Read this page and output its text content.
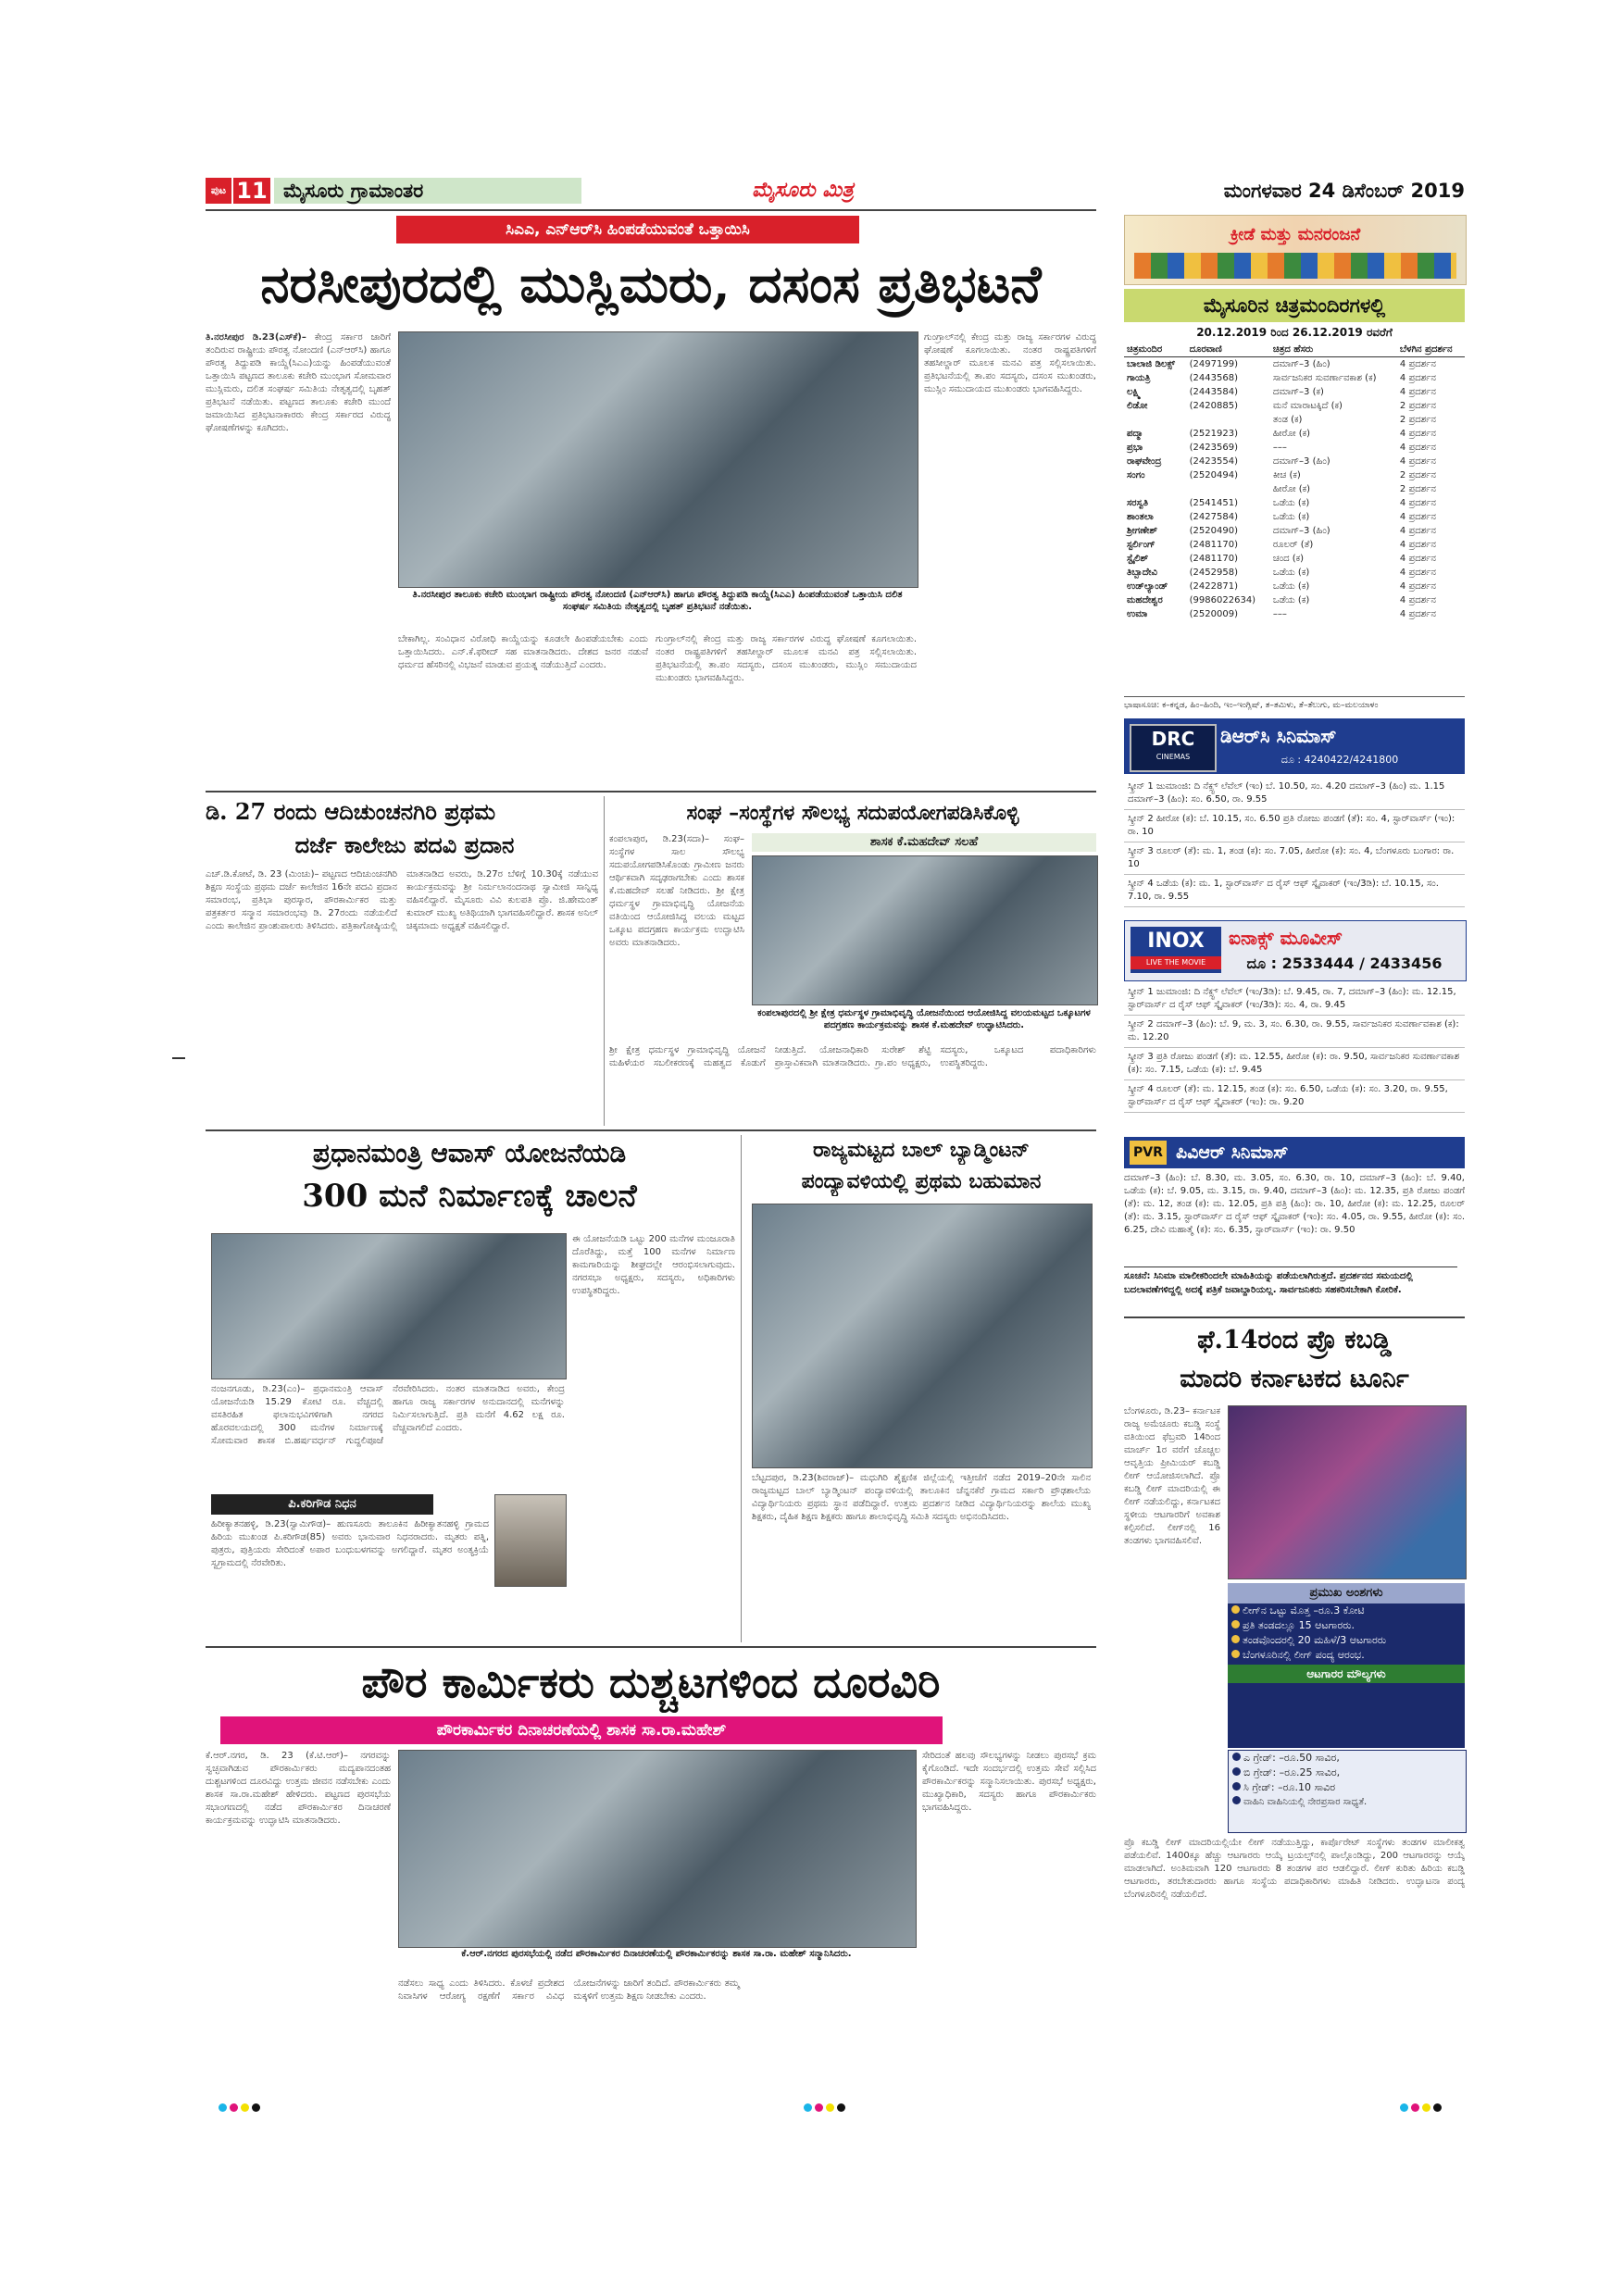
ಪುಟ 11 ಮೈಸೂರು ಗ್ರಾಮಾಂತರ	ಮೈಸೂರು ಮಿತ್ರ	ಮಂಗಳವಾರ 24 ಡಿಸೆಂಬರ್ 2019
ಸಿಎಎ, ಎನ್‌ಆರ್‌ಸಿ ಹಿಂಪಡೆಯುವಂತೆ ಒತ್ತಾಯಿಸಿ
ನರಸೀಪುರದಲ್ಲಿ ಮುಸ್ಲಿಮರು, ದಸಂಸ ಪ್ರತಿಭಟನೆ

ತಿ.ನರಸೀಪುರ ಡಿ.23(ಎಸ್‌ಕೆ)– ಕೇಂದ್ರ ಸರ್ಕಾರ ಜಾರಿಗೆ ತಂದಿರುವ ರಾಷ್ಟ್ರೀಯ ಪೌರತ್ವ ನೋಂದಣಿ (ಎನ್‌ಆರ್‌ಸಿ) ಹಾಗೂ ಪೌರತ್ವ ತಿದ್ದುಪಡಿ ಕಾಯ್ದೆ(ಸಿಎಎ)ಯನ್ನು ಹಿಂಪಡೆಯುವಂತೆ ಒತ್ತಾಯಿಸಿ ಪಟ್ಟಣದ ತಾಲೂಕು ಕಚೇರಿ ಮುಂಭಾಗ ಸೋಮವಾರ ಮುಸ್ಲಿಮರು, ದಲಿತ ಸಂಘರ್ಷ ಸಮಿತಿಯ ನೇತೃತ್ವದಲ್ಲಿ ಬೃಹತ್ ಪ್ರತಿಭಟನೆ ನಡೆಯಿತು. ಪಟ್ಟಣದ ತಾಲೂಕು ಕಚೇರಿ ಮುಂದೆ ಜಮಾಯಿಸಿದ ಪ್ರತಿಭಟನಾಕಾರರು ಕೇಂದ್ರ ಸರ್ಕಾರದ ವಿರುದ್ಧ ಘೋಷಣೆಗಳನ್ನು ಕೂಗಿದರು.

ತಿ.ನರಸೀಪುರ ತಾಲೂಕು ಕಚೇರಿ ಮುಂಭಾಗ ರಾಷ್ಟ್ರೀಯ ಪೌರತ್ವ ನೋಂದಣಿ (ಎನ್‌ಆರ್‌ಸಿ) ಹಾಗೂ ಪೌರತ್ವ ತಿದ್ದುಪಡಿ ಕಾಯ್ದೆ(ಸಿಎಎ) ಹಿಂಪಡೆಯುವಂತೆ ಒತ್ತಾಯಿಸಿ ದಲಿತ ಸಂಘರ್ಷ ಸಮಿತಿಯ ನೇತೃತ್ವದಲ್ಲಿ ಬೃಹತ್ ಪ್ರತಿಭಟನೆ ನಡೆಯಿತು.
ಬೇಕಾಗಿಲ್ಲ. ಸಂವಿಧಾನ ವಿರೋಧಿ ಕಾಯ್ದೆಯನ್ನು ಕೂಡಲೇ ಹಿಂಪಡೆಯಬೇಕು ಎಂದು ಒತ್ತಾಯಿಸಿದರು. ಎನ್.ಕೆ.ಫರೀದ್ ಸಹ ಮಾತನಾಡಿದರು. ದೇಶದ ಜನರ ನಡುವೆ ಧರ್ಮದ ಹೆಸರಿನಲ್ಲಿ ವಿಭಜನೆ ಮಾಡುವ ಪ್ರಯತ್ನ ನಡೆಯುತ್ತಿದೆ ಎಂದರು.
ಗುಂಗ್ರಾಲ್‌ನಲ್ಲಿ ಕೇಂದ್ರ ಮತ್ತು ರಾಜ್ಯ ಸರ್ಕಾರಗಳ ವಿರುದ್ಧ ಘೋಷಣೆ ಕೂಗಲಾಯಿತು. ನಂತರ ರಾಷ್ಟ್ರಪತಿಗಳಿಗೆ ತಹಸೀಲ್ದಾರ್ ಮೂಲಕ ಮನವಿ ಪತ್ರ ಸಲ್ಲಿಸಲಾಯಿತು. ಪ್ರತಿಭಟನೆಯಲ್ಲಿ ತಾ.ಪಂ ಸದಸ್ಯರು, ದಸಂಸ ಮುಖಂಡರು, ಮುಸ್ಲಿಂ ಸಮುದಾಯದ ಮುಖಂಡರು ಭಾಗವಹಿಸಿದ್ದರು.
ಗುಂಗ್ರಾಲ್‌ನಲ್ಲಿ ಕೇಂದ್ರ ಮತ್ತು ರಾಜ್ಯ ಸರ್ಕಾರಗಳ ವಿರುದ್ಧ ಘೋಷಣೆ ಕೂಗಲಾಯಿತು. ನಂತರ ರಾಷ್ಟ್ರಪತಿಗಳಿಗೆ ತಹಸೀಲ್ದಾರ್ ಮೂಲಕ ಮನವಿ ಪತ್ರ ಸಲ್ಲಿಸಲಾಯಿತು. ಪ್ರತಿಭಟನೆಯಲ್ಲಿ ತಾ.ಪಂ ಸದಸ್ಯರು, ದಸಂಸ ಮುಖಂಡರು, ಮುಸ್ಲಿಂ ಸಮುದಾಯದ ಮುಖಂಡರು ಭಾಗವಹಿಸಿದ್ದರು.
ಡಿ. 27 ರಂದು ಆದಿಚುಂಚನಗಿರಿ ಪ್ರಥಮ
ದರ್ಜೆ ಕಾಲೇಜು ಪದವಿ ಪ್ರದಾನ
ಎಚ್.ಡಿ.ಕೋಟೆ, ಡಿ. 23 (ಮಿಂಚು)– ಪಟ್ಟಣದ ಆದಿಚುಂಚನಗಿರಿ ಶಿಕ್ಷಣ ಸಂಸ್ಥೆಯ ಪ್ರಥಮ ದರ್ಜೆ ಕಾಲೇಜಿನ 16ನೇ ಪದವಿ ಪ್ರದಾನ ಸಮಾರಂಭ, ಪ್ರತಿಭಾ ಪುರಸ್ಕಾರ, ಪೌರಕಾರ್ಮಿಕರ ಮತ್ತು ಪತ್ರಕರ್ತರ ಸನ್ಮಾನ ಸಮಾರಂಭವು ಡಿ. 27ರಂದು ನಡೆಯಲಿದೆ ಎಂದು ಕಾಲೇಜಿನ ಪ್ರಾಂಶುಪಾಲರು ತಿಳಿಸಿದರು. ಪತ್ರಿಕಾಗೋಷ್ಠಿಯಲ್ಲಿ ಮಾತನಾಡಿದ ಅವರು, ಡಿ.27ರ ಬೆಳಿಗ್ಗೆ 10.30ಕ್ಕೆ ನಡೆಯುವ ಕಾರ್ಯಕ್ರಮವನ್ನು ಶ್ರೀ ನಿರ್ಮಲಾನಂದನಾಥ ಸ್ವಾಮೀಜಿ ಸಾನ್ನಿಧ್ಯ ವಹಿಸಲಿದ್ದಾರೆ. ಮೈಸೂರು ವಿವಿ ಕುಲಪತಿ ಪ್ರೊ. ಜಿ.ಹೇಮಂತ್ ಕುಮಾರ್ ಮುಖ್ಯ ಅತಿಥಿಯಾಗಿ ಭಾಗವಹಿಸಲಿದ್ದಾರೆ. ಶಾಸಕ ಅನಿಲ್ ಚಿಕ್ಕಮಾದು ಅಧ್ಯಕ್ಷತೆ ವಹಿಸಲಿದ್ದಾರೆ.
ಸಂಘ –ಸಂಸ್ಥೆಗಳ ಸೌಲಭ್ಯ ಸದುಪಯೋಗಪಡಿಸಿಕೊಳ್ಳಿ
ಕಂಪಲಾಪುರ, ಡಿ.23(ಸದಾ)– ಸಂಘ–ಸಂಸ್ಥೆಗಳ ಸಾಲ ಸೌಲಭ್ಯ ಸದುಪಯೋಗಪಡಿಸಿಕೊಂಡು ಗ್ರಾಮೀಣ ಜನರು ಆರ್ಥಿಕವಾಗಿ ಸದೃಢರಾಗಬೇಕು ಎಂದು ಶಾಸಕ ಕೆ.ಮಹದೇವ್ ಸಲಹೆ ನೀಡಿದರು. ಶ್ರೀ ಕ್ಷೇತ್ರ ಧರ್ಮಸ್ಥಳ ಗ್ರಾಮಾಭಿವೃದ್ಧಿ ಯೋಜನೆಯ ವತಿಯಿಂದ ಆಯೋಜಿಸಿದ್ದ ವಲಯ ಮಟ್ಟದ ಒಕ್ಕೂಟ ಪದಗ್ರಹಣ ಕಾರ್ಯಕ್ರಮ ಉದ್ಘಾಟಿಸಿ ಅವರು ಮಾತನಾಡಿದರು.
ಶಾಸಕ ಕೆ.ಮಹದೇವ್ ಸಲಹೆ
ಕಂಪಲಾಪುರದಲ್ಲಿ ಶ್ರೀ ಕ್ಷೇತ್ರ ಧರ್ಮಸ್ಥಳ ಗ್ರಾಮಾಭಿವೃದ್ಧಿ ಯೋಜನೆಯಿಂದ ಆಯೋಜಿಸಿದ್ದ ವಲಯಮಟ್ಟದ ಒಕ್ಕೂಟಗಳ ಪದಗ್ರಹಣ ಕಾರ್ಯಕ್ರಮವನ್ನು ಶಾಸಕ ಕೆ.ಮಹದೇವ್ ಉದ್ಘಾಟಿಸಿದರು.
ಶ್ರೀ ಕ್ಷೇತ್ರ ಧರ್ಮಸ್ಥಳ ಗ್ರಾಮಾಭಿವೃದ್ಧಿ ಯೋಜನೆ ಮಹಿಳೆಯರ ಸಬಲೀಕರಣಕ್ಕೆ ಮಹತ್ವದ ಕೊಡುಗೆ ನೀಡುತ್ತಿದೆ. ಯೋಜನಾಧಿಕಾರಿ ಸುರೇಶ್ ಶೆಟ್ಟಿ ಪ್ರಾಸ್ತಾವಿಕವಾಗಿ ಮಾತನಾಡಿದರು. ಗ್ರಾ.ಪಂ ಅಧ್ಯಕ್ಷರು, ಸದಸ್ಯರು, ಒಕ್ಕೂಟದ ಪದಾಧಿಕಾರಿಗಳು ಉಪಸ್ಥಿತರಿದ್ದರು.
ಪ್ರಧಾನಮಂತ್ರಿ ಆವಾಸ್ ಯೋಜನೆಯಡಿ
300 ಮನೆ ನಿರ್ಮಾಣಕ್ಕೆ ಚಾಲನೆ
ನಂಜನಗೂಡು, ಡಿ.23(ಎಂ)– ಪ್ರಧಾನಮಂತ್ರಿ ಆವಾಸ್ ಯೋಜನೆಯಡಿ 15.29 ಕೋಟಿ ರೂ. ವೆಚ್ಚದಲ್ಲಿ ವಸತಿರಹಿತ ಫಲಾನುಭವಿಗಳಿಗಾಗಿ ನಗರದ ಹೊರವಲಯದಲ್ಲಿ 300 ಮನೆಗಳ ನಿರ್ಮಾಣಕ್ಕೆ ಸೋಮವಾರ ಶಾಸಕ ಬಿ.ಹರ್ಷವರ್ಧನ್ ಗುದ್ದಲಿಪೂಜೆ ನೆರವೇರಿಸಿದರು. ನಂತರ ಮಾತನಾಡಿದ ಅವರು, ಕೇಂದ್ರ ಹಾಗೂ ರಾಜ್ಯ ಸರ್ಕಾರಗಳ ಅನುದಾನದಲ್ಲಿ ಮನೆಗಳನ್ನು ನಿರ್ಮಿಸಲಾಗುತ್ತಿದೆ. ಪ್ರತಿ ಮನೆಗೆ 4.62 ಲಕ್ಷ ರೂ. ವೆಚ್ಚವಾಗಲಿದೆ ಎಂದರು.
ಈ ಯೋಜನೆಯಡಿ ಒಟ್ಟು 200 ಮನೆಗಳ ಮಂಜೂರಾತಿ ದೊರೆತಿದ್ದು, ಮತ್ತೆ 100 ಮನೆಗಳ ನಿರ್ಮಾಣ ಕಾಮಗಾರಿಯನ್ನು ಶೀಘ್ರದಲ್ಲೇ ಆರಂಭಿಸಲಾಗುವುದು. ನಗರಸಭಾ ಅಧ್ಯಕ್ಷರು, ಸದಸ್ಯರು, ಅಧಿಕಾರಿಗಳು ಉಪಸ್ಥಿತರಿದ್ದರು.
ಪಿ.ಕರಿಗೌಡ ನಿಧನ
ಹಿರೀಕ್ಯಾತನಹಳ್ಳಿ, ಡಿ.23(ಸ್ವಾಮಿಗೌಡ)– ಹುಣಸೂರು ತಾಲೂಕಿನ ಹಿರೀಕ್ಯಾತನಹಳ್ಳಿ ಗ್ರಾಮದ ಹಿರಿಯ ಮುಖಂಡ ಪಿ.ಕರಿಗೌಡ(85) ಅವರು ಭಾನುವಾರ ನಿಧನರಾದರು. ಮೃತರು ಪತ್ನಿ, ಪುತ್ರರು, ಪುತ್ರಿಯರು ಸೇರಿದಂತೆ ಅಪಾರ ಬಂಧುಬಳಗವನ್ನು ಅಗಲಿದ್ದಾರೆ. ಮೃತರ ಅಂತ್ಯಕ್ರಿಯೆ ಸ್ವಗ್ರಾಮದಲ್ಲಿ ನೆರವೇರಿತು.
ರಾಜ್ಯಮಟ್ಟದ ಬಾಲ್ ಬ್ಯಾಡ್ಮಿಂಟನ್
ಪಂದ್ಯಾವಳಿಯಲ್ಲಿ ಪ್ರಥಮ ಬಹುಮಾನ
ಬೆಟ್ಟದಪುರ, ಡಿ.23(ಶಿವರಾಜ್)– ಮಧುಗಿರಿ ಶೈಕ್ಷಣಿಕ ಜಿಲ್ಲೆಯಲ್ಲಿ ಇತ್ತೀಚೆಗೆ ನಡೆದ 2019–20ನೇ ಸಾಲಿನ ರಾಜ್ಯಮಟ್ಟದ ಬಾಲ್ ಬ್ಯಾಡ್ಮಿಂಟನ್ ಪಂದ್ಯಾವಳಿಯಲ್ಲಿ ತಾಲೂಕಿನ ಚೆನ್ನನಕೆರೆ ಗ್ರಾಮದ ಸರ್ಕಾರಿ ಪ್ರೌಢಶಾಲೆಯ ವಿದ್ಯಾರ್ಥಿನಿಯರು ಪ್ರಥಮ ಸ್ಥಾನ ಪಡೆದಿದ್ದಾರೆ. ಉತ್ತಮ ಪ್ರದರ್ಶನ ನೀಡಿದ ವಿದ್ಯಾರ್ಥಿನಿಯರನ್ನು ಶಾಲೆಯ ಮುಖ್ಯ ಶಿಕ್ಷಕರು, ದೈಹಿಕ ಶಿಕ್ಷಣ ಶಿಕ್ಷಕರು ಹಾಗೂ ಶಾಲಾಭಿವೃದ್ಧಿ ಸಮಿತಿ ಸದಸ್ಯರು ಅಭಿನಂದಿಸಿದರು.
ಪೌರ ಕಾರ್ಮಿಕರು ದುಶ್ಚಟಗಳಿಂದ ದೂರವಿರಿ
ಪೌರಕಾರ್ಮಿಕರ ದಿನಾಚರಣೆಯಲ್ಲಿ ಶಾಸಕ ಸಾ.ರಾ.ಮಹೇಶ್
ಕೆ.ಆರ್.ನಗರ, ಡಿ. 23 (ಕೆ.ಟಿ.ಆರ್)– ನಗರವನ್ನು ಸ್ವಚ್ಛವಾಗಿಡುವ ಪೌರಕಾರ್ಮಿಕರು ಮದ್ಯಪಾನದಂತಹ ದುಶ್ಚಟಗಳಿಂದ ದೂರವಿದ್ದು ಉತ್ತಮ ಜೀವನ ನಡೆಸಬೇಕು ಎಂದು ಶಾಸಕ ಸಾ.ರಾ.ಮಹೇಶ್ ಹೇಳಿದರು. ಪಟ್ಟಣದ ಪುರಸಭೆಯ ಸಭಾಂಗಣದಲ್ಲಿ ನಡೆದ ಪೌರಕಾರ್ಮಿಕರ ದಿನಾಚರಣೆ ಕಾರ್ಯಕ್ರಮವನ್ನು ಉದ್ಘಾಟಿಸಿ ಮಾತನಾಡಿದರು.
ಕೆ.ಆರ್.ನಗರದ ಪುರಸಭೆಯಲ್ಲಿ ನಡೆದ ಪೌರಕಾರ್ಮಿಕರ ದಿನಾಚರಣೆಯಲ್ಲಿ ಪೌರಕಾರ್ಮಿಕರನ್ನು ಶಾಸಕ ಸಾ.ರಾ. ಮಹೇಶ್ ಸನ್ಮಾನಿಸಿದರು.
ನಡೆಸಲು ಸಾಧ್ಯ ಎಂದು ತಿಳಿಸಿದರು. ಕೊಳಚೆ ಪ್ರದೇಶದ ನಿವಾಸಿಗಳ ಆರೋಗ್ಯ ರಕ್ಷಣೆಗೆ ಸರ್ಕಾರ ವಿವಿಧ ಯೋಜನೆಗಳನ್ನು ಜಾರಿಗೆ ತಂದಿದೆ. ಪೌರಕಾರ್ಮಿಕರು ತಮ್ಮ ಮಕ್ಕಳಿಗೆ ಉತ್ತಮ ಶಿಕ್ಷಣ ನೀಡಬೇಕು ಎಂದರು.
ಸೇರಿದಂತೆ ಹಲವು ಸೌಲಭ್ಯಗಳನ್ನು ನೀಡಲು ಪುರಸಭೆ ಕ್ರಮ ಕೈಗೊಂಡಿದೆ. ಇದೇ ಸಂದರ್ಭದಲ್ಲಿ ಉತ್ತಮ ಸೇವೆ ಸಲ್ಲಿಸಿದ ಪೌರಕಾರ್ಮಿಕರನ್ನು ಸನ್ಮಾನಿಸಲಾಯಿತು. ಪುರಸಭೆ ಅಧ್ಯಕ್ಷರು, ಮುಖ್ಯಾಧಿಕಾರಿ, ಸದಸ್ಯರು ಹಾಗೂ ಪೌರಕಾರ್ಮಿಕರು ಭಾಗವಹಿಸಿದ್ದರು.
ಕ್ರೀಡೆ ಮತ್ತು ಮನರಂಜನೆ
ಮೈಸೂರಿನ ಚಿತ್ರಮಂದಿರಗಳಲ್ಲಿ
20.12.2019 ರಿಂದ 26.12.2019 ರವರೆಗೆ
ಚಿತ್ರಮಂದಿರ	ದೂರವಾಣಿ	ಚಿತ್ರದ ಹೆಸರು	ಬೆಳಗಿನ ಪ್ರದರ್ಶನ
ಬಾಲಾಜಿ ಡಿಲಕ್ಸ್	(2497199)	ದಮಾಗ್–3 (ಹಿಂ)	4 ಪ್ರದರ್ಶನ
ಗಾಯತ್ರಿ	(2443568)	ಸಾರ್ವಜನಿಕರ ಸುವರ್ಣಾವಕಾಶ (ಕ)	4 ಪ್ರದರ್ಶನ
ಲಕ್ಷ್ಮಿ	(2443584)	ದಮಾಗ್–3 (ಕ)	4 ಪ್ರದರ್ಶನ
ಲಿಡೋ	(2420885)	ಮನೆ ಮಾರಾಟಕ್ಕಿದೆ (ಕ)	2 ಪ್ರದರ್ಶನ
		ತಂಡ (ಕ)	2 ಪ್ರದರ್ಶನ
ಪದ್ಮಾ	(2521923)	ಹೀರೋ (ಕ)	4 ಪ್ರದರ್ಶನ
ಪ್ರಭಾ	(2423569)	–––	4 ಪ್ರದರ್ಶನ
ರಾಘವೇಂದ್ರ	(2423554)	ದಮಾಗ್–3 (ಹಿಂ)	4 ಪ್ರದರ್ಶನ
ಸಂಗಂ	(2520494)	ಕೀಚ (ಕ)	2 ಪ್ರದರ್ಶನ
		ಹೀರೋ (ಕ)	2 ಪ್ರದರ್ಶನ
ಸರಸ್ವತಿ	(2541451)	ಒಡೆಯ (ಕ)	4 ಪ್ರದರ್ಶನ
ಶಾಂತಲಾ	(2427584)	ಒಡೆಯ (ಕ)	4 ಪ್ರದರ್ಶನ
ಶ್ರೀಗಣೇಶ್	(2520490)	ದಮಾಗ್–3 (ಹಿಂ)	4 ಪ್ರದರ್ಶನ
ಸ್ಟರ್ಲಿಂಗ್	(2481170)	ರೂಲರ್ (ತೆ)	4 ಪ್ರದರ್ಶನ
ಸ್ಟೈಲಿಶ್	(2481170)	ಚಂದ (ಕ)	4 ಪ್ರದರ್ಶನ
ತಿಬ್ಬಾದೇವಿ	(2452958)	ಒಡೆಯ (ಕ)	4 ಪ್ರದರ್ಶನ
ಉಡ್‌ಲ್ಯಾಂಡ್	(2422871)	ಒಡೆಯ (ಕ)	4 ಪ್ರದರ್ಶನ
ಮಹದೇಶ್ವರ	(9986022634)	ಒಡೆಯ (ಕ)	4 ಪ್ರದರ್ಶನ
ಉಮಾ	(2520009)	–––	4 ಪ್ರದರ್ಶನ
ಭಾಷಾಸೂಚಿ: ಕ–ಕನ್ನಡ, ಹಿಂ–ಹಿಂದಿ, ಇಂ–ಇಂಗ್ಲಿಷ್, ತ–ತಮಿಳು, ತೆ–ತೆಲುಗು, ಮ–ಮಲಯಾಳಂ
DRC
CINEMAS
ಡಿಆರ್‌ಸಿ ಸಿನಿಮಾಸ್
ದೂ : 4240422/4241800
ಸ್ಕ್ರೀನ್ 1 ಜುಮಾಂಜಿ: ದಿ ನೆಕ್ಸ್ಟ್ ಲೆವೆಲ್ (ಇಂ) ಬೆ. 10.50, ಸಂ. 4.20 ದಮಾಗ್–3 (ಹಿಂ) ಮ. 1.15 ದಮಾಗ್–3 (ಹಿಂ): ಸಂ. 6.50, ರಾ. 9.55
ಸ್ಕ್ರೀನ್ 2 ಹೀರೋ (ಕ): ಬೆ. 10.15, ಸಂ. 6.50 ಪ್ರತಿ ರೋಜು ಪಂಡಗೆ (ತೆ): ಸಂ. 4, ಸ್ಟಾರ್‌ವಾರ್ಸ್ (ಇಂ): ರಾ. 10
ಸ್ಕ್ರೀನ್ 3 ರೂಲರ್ (ತೆ): ಮ. 1, ತಂಡ (ಕ): ಸಂ. 7.05, ಹೀರೋ (ಕ): ಸಂ. 4, ಬೆಂಗಳೂರು ಬಂಗಾರ: ರಾ. 10
ಸ್ಕ್ರೀನ್ 4 ಒಡೆಯ (ಕ): ಮ. 1, ಸ್ಟಾರ್‌ವಾರ್ಸ್ ದ ರೈಸ್ ಆಫ್ ಸ್ಕೈವಾಕರ್ (ಇಂ/3ಡಿ): ಬೆ. 10.15, ಸಂ. 7.10, ರಾ. 9.55
INOX
LIVE THE MOVIE
ಐನಾಕ್ಸ್ ಮೂವೀಸ್
ದೂ : 2533444 / 2433456
ಸ್ಕ್ರೀನ್ 1 ಜುಮಾಂಜಿ: ದಿ ನೆಕ್ಸ್ಟ್ ಲೆವೆಲ್ (ಇಂ/3ಡಿ): ಬೆ. 9.45, ರಾ. 7, ದಮಾಗ್–3 (ಹಿಂ): ಮ. 12.15, ಸ್ಟಾರ್‌ವಾರ್ಸ್ ದ ರೈಸ್ ಆಫ್ ಸ್ಕೈವಾಕರ್ (ಇಂ/3ಡಿ): ಸಂ. 4, ರಾ. 9.45
ಸ್ಕ್ರೀನ್ 2 ದಮಾಗ್–3 (ಹಿಂ): ಬೆ. 9, ಮ. 3, ಸಂ. 6.30, ರಾ. 9.55, ಸಾರ್ವಜನಿಕರ ಸುವರ್ಣಾವಕಾಶ (ಕ): ಮ. 12.20
ಸ್ಕ್ರೀನ್ 3 ಪ್ರತಿ ರೋಜು ಪಂಡಗೆ (ತೆ): ಮ. 12.55, ಹೀರೋ (ಕ): ರಾ. 9.50, ಸಾರ್ವಜನಿಕರ ಸುವರ್ಣಾವಕಾಶ (ಕ): ಸಂ. 7.15, ಒಡೆಯ (ಕ): ಬೆ. 9.45
ಸ್ಕ್ರೀನ್ 4 ರೂಲರ್ (ತೆ): ಮ. 12.15, ತಂಡ (ಕ): ಸಂ. 6.50, ಒಡೆಯ (ಕ): ಸಂ. 3.20, ರಾ. 9.55, ಸ್ಟಾರ್‌ವಾರ್ಸ್ ದ ರೈಸ್ ಆಫ್ ಸ್ಕೈವಾಕರ್ (ಇಂ): ರಾ. 9.20
PVR ಪಿವಿಆರ್ ಸಿನಿಮಾಸ್
ದಮಾಗ್–3 (ಹಿಂ): ಬೆ. 8.30, ಮ. 3.05, ಸಂ. 6.30, ರಾ. 10, ದಮಾಗ್–3 (ಹಿಂ): ಬೆ. 9.40, ಒಡೆಯ (ಕ): ಬೆ. 9.05, ಮ. 3.15, ರಾ. 9.40, ದಮಾಗ್–3 (ಹಿಂ): ಮ. 12.35, ಪ್ರತಿ ರೋಜು ಪಂಡಗೆ (ತೆ): ಮ. 12, ತಂಡ (ಕ): ಮ. 12.05, ಪ್ರತಿ ಪತ್ರಿ (ಹಿಂ): ರಾ. 10, ಹೀರೋ (ಕ): ಮ. 12.25, ರೂಲರ್ (ತೆ): ಮ. 3.15, ಸ್ಟಾರ್‌ವಾರ್ಸ್ ದ ರೈಸ್ ಆಫ್ ಸ್ಕೈವಾಕರ್ (ಇಂ): ಸಂ. 4.05, ರಾ. 9.55, ಹೀರೋ (ಕ): ಸಂ. 6.25, ದೇವಿ ಮಹಾತ್ಮೆ (ಕ): ಸಂ. 6.35, ಸ್ಟಾರ್‌ವಾರ್ಸ್ (ಇಂ): ರಾ. 9.50
ಸೂಚನೆ: ಸಿನಿಮಾ ಮಾಲೀಕರಿಂದಲೇ ಮಾಹಿತಿಯನ್ನು ಪಡೆಯಲಾಗಿರುತ್ತದೆ. ಪ್ರದರ್ಶನದ ಸಮಯದಲ್ಲಿ ಬದಲಾವಣೆಗಳಿದ್ದಲ್ಲಿ ಅದಕ್ಕೆ ಪತ್ರಿಕೆ ಜವಾಬ್ದಾರಿಯಲ್ಲ. ಸಾರ್ವಜನಿಕರು ಸಹಕರಿಸಬೇಕಾಗಿ ಕೋರಿಕೆ.
ಫೆ.14ರಂದ ಪ್ರೊ ಕಬಡ್ಡಿ
ಮಾದರಿ ಕರ್ನಾಟಕದ ಟೂರ್ನಿ
ಬೆಂಗಳೂರು, ಡಿ.23– ಕರ್ನಾಟಕ ರಾಜ್ಯ ಅಮೆಚೂರು ಕಬಡ್ಡಿ ಸಂಸ್ಥೆ ವತಿಯಿಂದ ಫೆಬ್ರವರಿ 14ರಿಂದ ಮಾರ್ಚ್ 1ರ ವರೆಗೆ ಚೊಚ್ಚಲ ಆವೃತ್ತಿಯ ಪ್ರೀಮಿಯರ್ ಕಬಡ್ಡಿ ಲೀಗ್ ಆಯೋಜಿಸಲಾಗಿದೆ. ಪ್ರೊ ಕಬಡ್ಡಿ ಲೀಗ್ ಮಾದರಿಯಲ್ಲಿ ಈ ಲೀಗ್ ನಡೆಯಲಿದ್ದು, ಕರ್ನಾಟಕದ ಸ್ಥಳೀಯ ಆಟಗಾರರಿಗೆ ಅವಕಾಶ ಕಲ್ಪಿಸಲಿದೆ. ಲೀಗ್‌ನಲ್ಲಿ 16 ತಂಡಗಳು ಭಾಗವಹಿಸಲಿವೆ.
ಪ್ರಮುಖ ಅಂಶಗಳು
ಲೀಗ್‌ನ ಒಟ್ಟು ಮೊತ್ತ –ರೂ.3 ಕೋಟಿ
ಪ್ರತಿ ತಂಡದಲ್ಲೂ 15 ಆಟಗಾರರು.
ತಂಡವೊಂದರಲ್ಲಿ 20 ಮಹಿಳೆ/3 ಆಟಗಾರರು
ಬೆಂಗಳೂರಿನಲ್ಲಿ ಲೀಗ್ ಪಂದ್ಯ ಆರಂಭ.
ಆಟಗಾರರ ಮೌಲ್ಯಗಳು
ಎ ಗ್ರೇಡ್: –ರೂ.50 ಸಾವಿರ,
ಬಿ ಗ್ರೇಡ್: –ರೂ.25 ಸಾವಿರ,
ಸಿ ಗ್ರೇಡ್: –ರೂ.10 ಸಾವಿರ
ವಾಹಿನಿ ವಾಹಿನಿಯಲ್ಲಿ ನೇರಪ್ರಸಾರ ಸಾಧ್ಯತೆ.
ಪ್ರೊ ಕಬಡ್ಡಿ ಲೀಗ್ ಮಾದರಿಯಲ್ಲಿಯೇ ಲೀಗ್ ನಡೆಯುತ್ತಿದ್ದು, ಕಾರ್ಪೊರೇಟ್ ಸಂಸ್ಥೆಗಳು ತಂಡಗಳ ಮಾಲೀಕತ್ವ ಪಡೆಯಲಿವೆ. 1400ಕ್ಕೂ ಹೆಚ್ಚು ಆಟಗಾರರು ಆಯ್ಕೆ ಟ್ರಯಲ್ಸ್‌ನಲ್ಲಿ ಪಾಲ್ಗೊಂಡಿದ್ದು, 200 ಆಟಗಾರರನ್ನು ಆಯ್ಕೆ ಮಾಡಲಾಗಿದೆ. ಅಂತಿಮವಾಗಿ 120 ಆಟಗಾರರು 8 ತಂಡಗಳ ಪರ ಆಡಲಿದ್ದಾರೆ. ಲೀಗ್ ಕುರಿತು ಹಿರಿಯ ಕಬಡ್ಡಿ ಆಟಗಾರರು, ತರಬೇತುದಾರರು ಹಾಗೂ ಸಂಸ್ಥೆಯ ಪದಾಧಿಕಾರಿಗಳು ಮಾಹಿತಿ ನೀಡಿದರು. ಉದ್ಘಾಟನಾ ಪಂದ್ಯ ಬೆಂಗಳೂರಿನಲ್ಲಿ ನಡೆಯಲಿದೆ.
